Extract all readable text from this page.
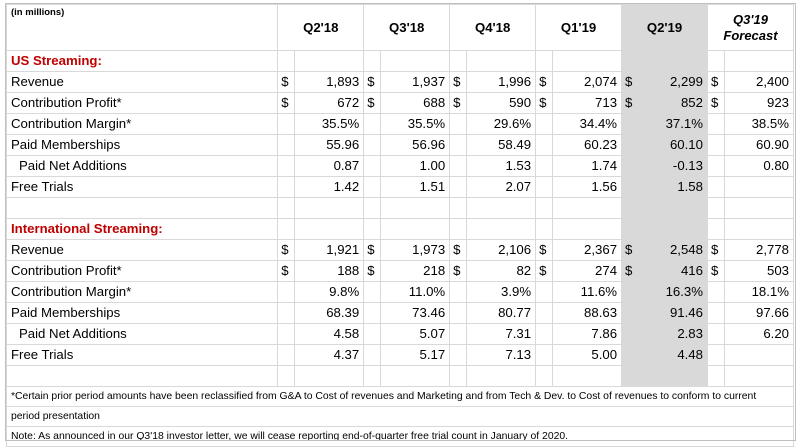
(in millions)	Q2'18		Q3'18		Q4'18		Q1'19		Q2'19		Q3'19
Forecast	

US Streaming:												
Revenue	$	1,893	$	1,937	$	1,996	$	2,074	$	2,299	$	2,400
Contribution Profit*	$	672	$	688	$	590	$	713	$	852	$	923
Contribution Margin*		35.5%		35.5%		29.6%		34.4%		37.1%		38.5%
Paid Memberships		55.96		56.96		58.49		60.23		60.10		60.90
Paid Net Additions		0.87		1.00		1.53		1.74		-0.13		0.80
Free Trials		1.42		1.51		2.07		1.56		1.58		

International Streaming:												
Revenue	$	1,921	$	1,973	$	2,106	$	2,367	$	2,548	$	2,778
Contribution Profit*	$	188	$	218	$	82	$	274	$	416	$	503
Contribution Margin*		9.8%		11.0%		3.9%		11.6%		16.3%		18.1%
Paid Memberships		68.39		73.46		80.77		88.63		91.46		97.66
Paid Net Additions		4.58		5.07		7.31		7.86		2.83		6.20
Free Trials		4.37		5.17		7.13		5.00		4.48		

*Certain prior period amounts have been reclassified from G&A to Cost of revenues and Marketing and from Tech & Dev. to Cost of revenues to conform to current												
period presentation												
Note: As announced in our Q3'18 investor letter, we will cease reporting end-of-quarter free trial count in January of 2020.												
